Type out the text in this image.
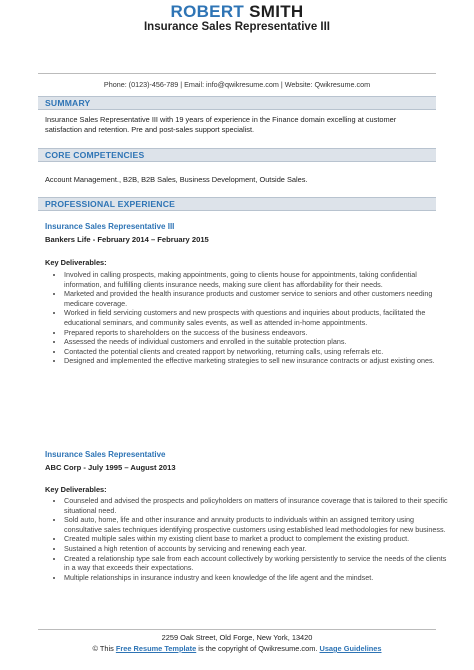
ROBERT SMITH
Insurance Sales Representative III
Phone: (0123)-456-789 | Email: info@qwikresume.com | Website: Qwikresume.com
SUMMARY
Insurance Sales Representative III with 19 years of experience in the Finance domain excelling at customer satisfaction and retention. Pre and post-sales support specialist.
CORE COMPETENCIES
Account Management., B2B, B2B Sales, Business Development, Outside Sales.
PROFESSIONAL EXPERIENCE
Insurance Sales Representative III
Bankers Life - February 2014 – February 2015
Key Deliverables:
• Involved in calling prospects, making appointments, going to clients house for appointments, taking confidential information, and fulfilling clients insurance needs, making sure client has affordability for their needs.
• Marketed and provided the health insurance products and customer service to seniors and other customers needing medicare coverage.
• Worked in field servicing customers and new prospects with questions and inquiries about products, facilitated the educational seminars, and community sales events, as well as attended in-home appointments.
• Prepared reports to shareholders on the success of the business endeavors.
• Assessed the needs of individual customers and enrolled in the suitable protection plans.
• Contacted the potential clients and created rapport by networking, returning calls, using referrals etc.
• Designed and implemented the effective marketing strategies to sell new insurance contracts or adjust existing ones.
Insurance Sales Representative
ABC Corp - July 1995 – August 2013
Key Deliverables:
• Counseled and advised the prospects and policyholders on matters of insurance coverage that is tailored to their specific situational need.
• Sold auto, home, life and other insurance and annuity products to individuals within an assigned territory using consultative sales techniques identifying prospective customers using established lead methodologies for new business.
• Created multiple sales within my existing client base to market a product to complement the existing product.
• Sustained a high retention of accounts by servicing and renewing each year.
• Created a relationship type sale from each account collectively by working persistently to service the needs of the clients in a way that exceeds their expectations.
• Multiple relationships in insurance industry and keen knowledge of the life agent and the mindset.
2259 Oak Street, Old Forge, New York, 13420
© This Free Resume Template is the copyright of Qwikresume.com. Usage Guidelines
